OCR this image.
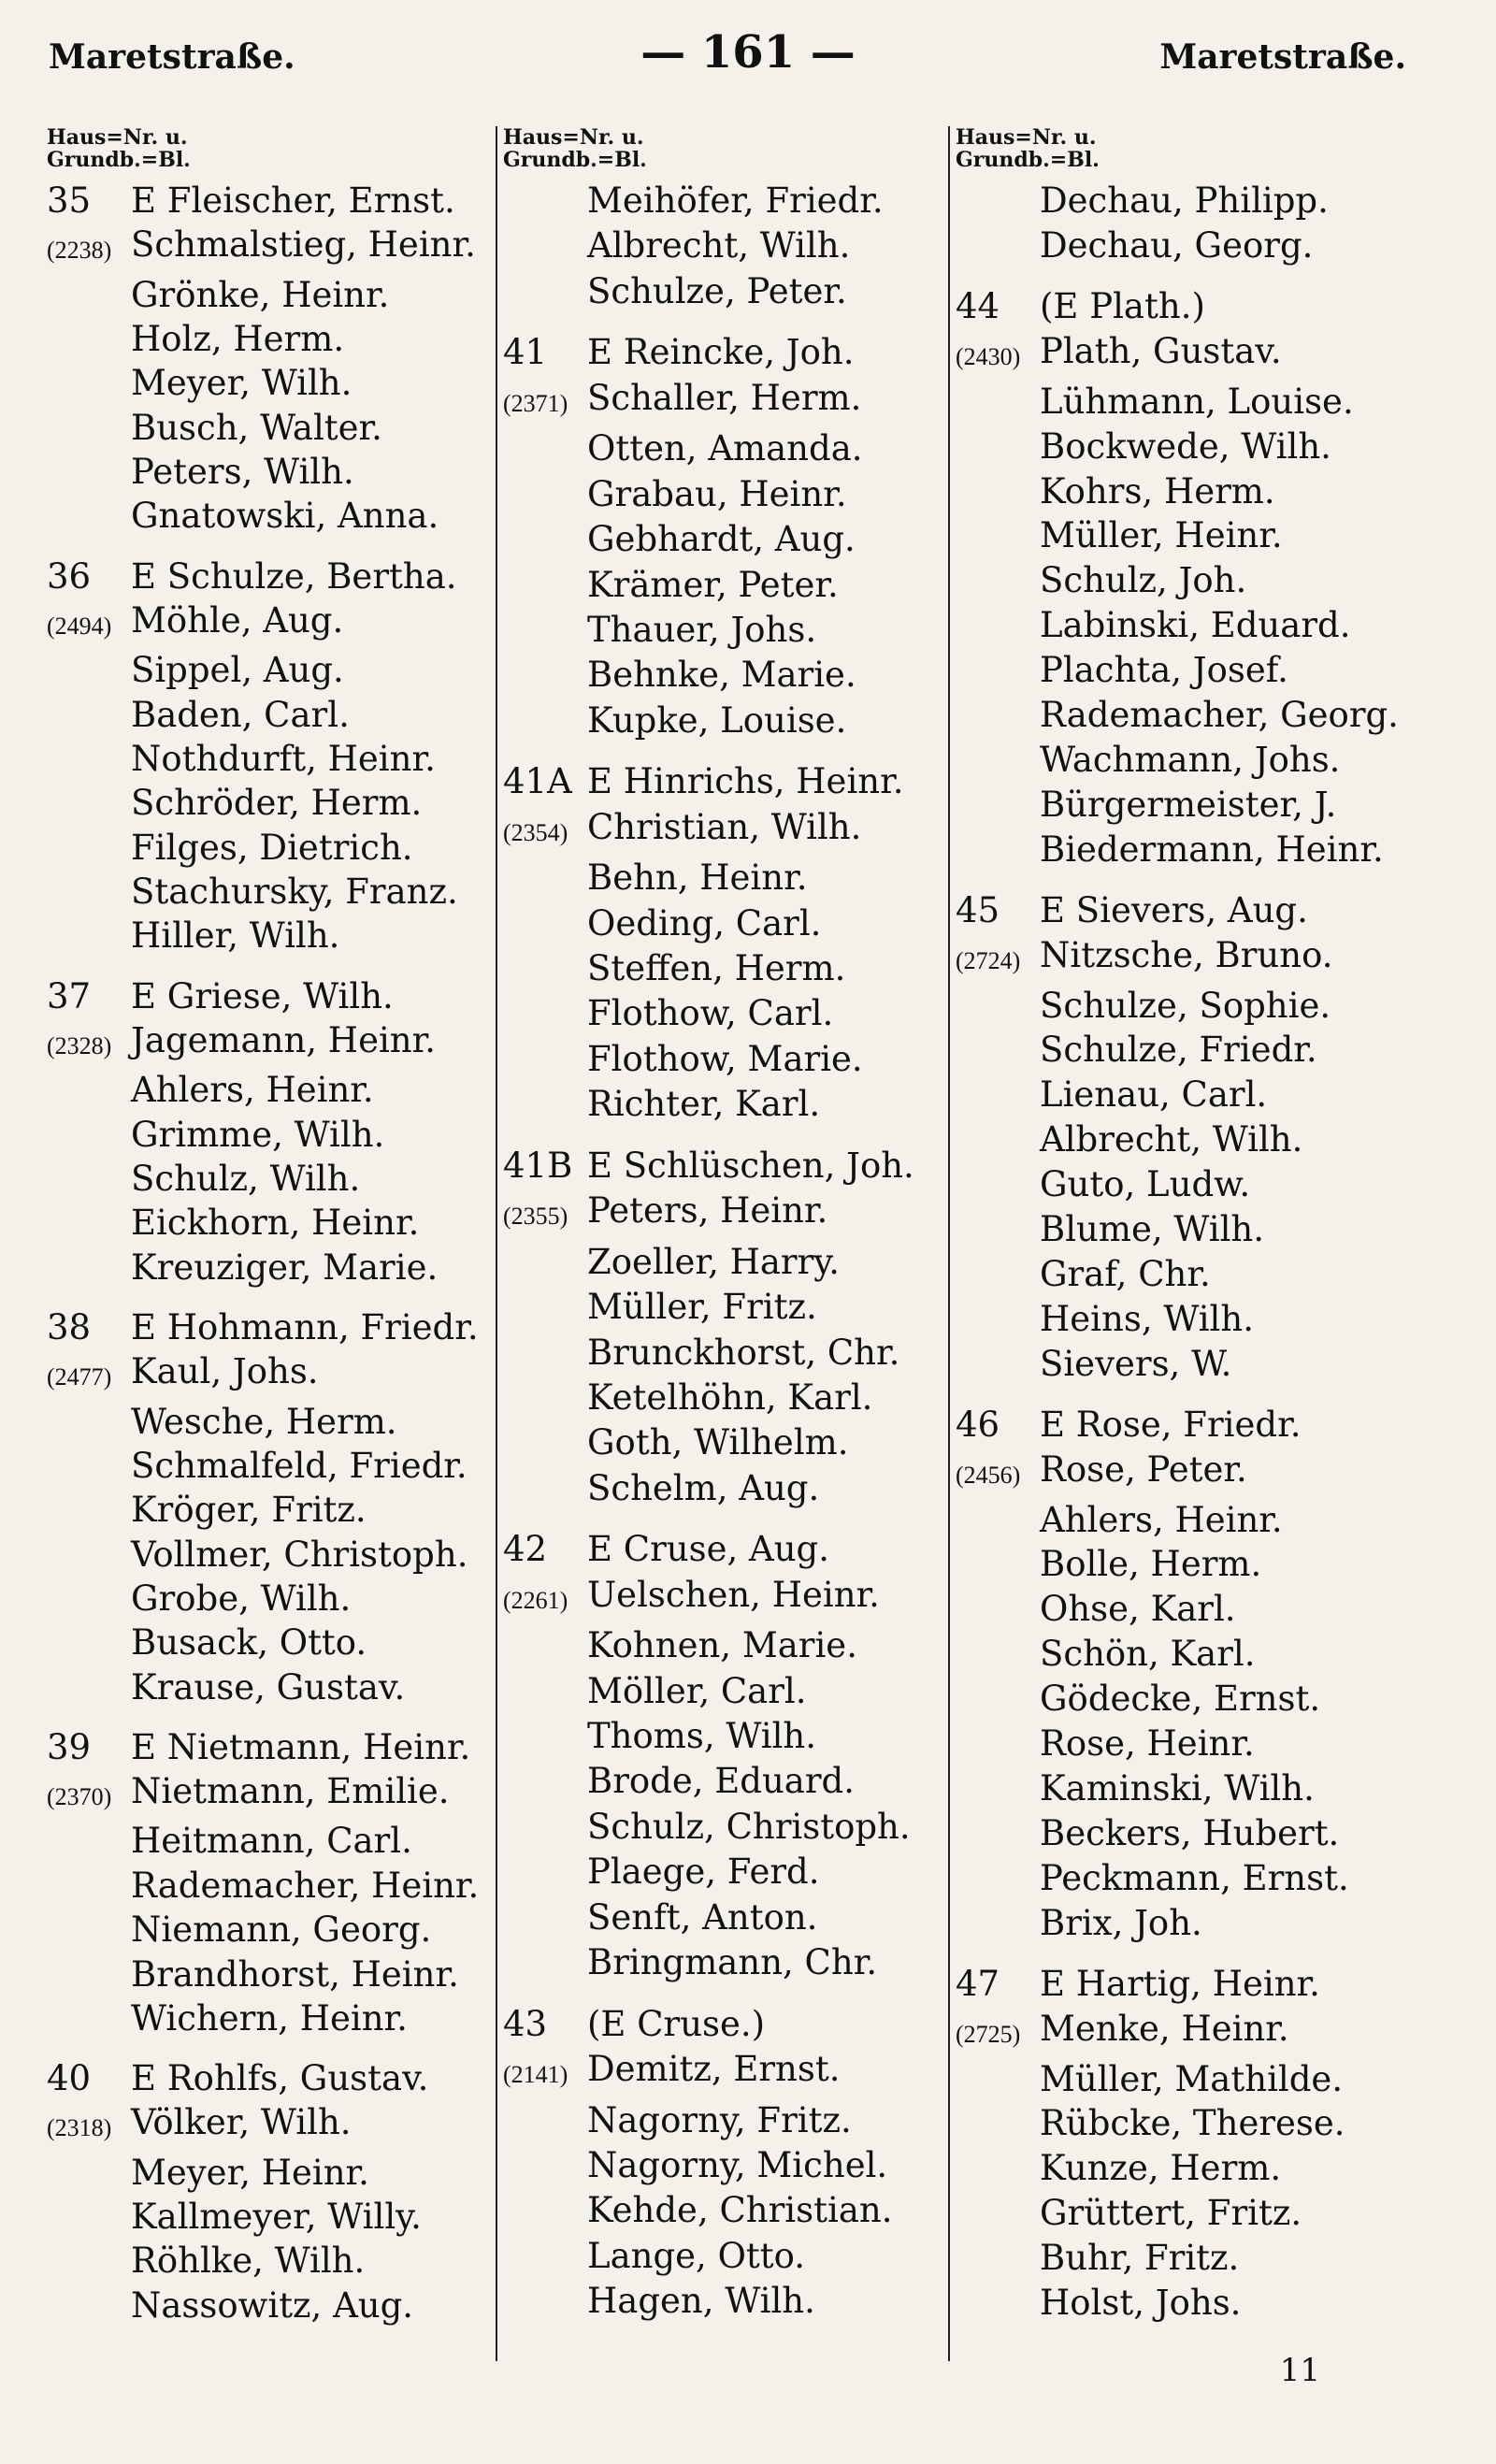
Maretstraße.	— 161 —	Maretstraße.
Haus=Nr. u.
Grundb.=Bl.
35	E Fleischer, Ernst.
(2238) Schmalstieg, Heinr.
Grönke, Heinr.
Holz, Herm.
Meyer, Wilh.
Busch, Walter.
Peters, Wilh.
Gnatowski, Anna.
36	E Schulze, Bertha.
(2494) Möhle, Aug.
Sippel, Aug.
Baden, Carl.
Nothdurft, Heinr.
Schröder, Herm.
Filges, Dietrich.
Stachursky, Franz.
Hiller, Wilh.
37	E Griese, Wilh.
(2328) Jagemann, Heinr.
Ahlers, Heinr.
Grimme, Wilh.
Schulz, Wilh.
Eickhorn, Heinr.
Kreuziger, Marie.
38	E Hohmann, Friedr.
(2477) Kaul, Johs.
Wesche, Herm.
Schmalfeld, Friedr.
Kröger, Fritz.
Vollmer, Christoph.
Grobe, Wilh.
Busack, Otto.
Krause, Gustav.
39	E Nietmann, Heinr.
(2370) Nietmann, Emilie.
Heitmann, Carl.
Rademacher, Heinr.
Niemann, Georg.
Brandhorst, Heinr.
Wichern, Heinr.
40	E Rohlfs, Gustav.
(2318) Völker, Wilh.
Meyer, Heinr.
Kallmeyer, Willy.
Röhlke, Wilh.
Nassowitz, Aug.
Haus=Nr. u.
Grundb.=Bl.
Meihöfer, Friedr.
Albrecht, Wilh.
Schulze, Peter.
41	E Reincke, Joh.
(2371) Schaller, Herm.
Otten, Amanda.
Grabau, Heinr.
Gebhardt, Aug.
Krämer, Peter.
Thauer, Johs.
Behnke, Marie.
Kupke, Louise.
41A E Hinrichs, Heinr.
(2354) Christian, Wilh.
Behn, Heinr.
Oeding, Carl.
Steffen, Herm.
Flothow, Carl.
Flothow, Marie.
Richter, Karl.
41B E Schlüschen, Joh.
(2355) Peters, Heinr.
Zoeller, Harry.
Müller, Fritz.
Brunckhorst, Chr.
Ketelhöhn, Karl.
Goth, Wilhelm.
Schelm, Aug.
42	E Cruse, Aug.
(2261) Uelschen, Heinr.
Kohnen, Marie.
Möller, Carl.
Thoms, Wilh.
Brode, Eduard.
Schulz, Christoph.
Plaege, Ferd.
Senft, Anton.
Bringmann, Chr.
43	(E Cruse.)
(2141) Demitz, Ernst.
Nagorny, Fritz.
Nagorny, Michel.
Kehde, Christian.
Lange, Otto.
Hagen, Wilh.
Haus=Nr. u.
Grundb.=Bl.
Dechau, Philipp.
Dechau, Georg.
44	(E Plath.)
(2430) Plath, Gustav.
Lühmann, Louise.
Bockwede, Wilh.
Kohrs, Herm.
Müller, Heinr.
Schulz, Joh.
Labinski, Eduard.
Plachta, Josef.
Rademacher, Georg.
Wachmann, Johs.
Bürgermeister, J.
Biedermann, Heinr.
45	E Sievers, Aug.
(2724) Nitzsche, Bruno.
Schulze, Sophie.
Schulze, Friedr.
Lienau, Carl.
Albrecht, Wilh.
Guto, Ludw.
Blume, Wilh.
Graf, Chr.
Heins, Wilh.
Sievers, W.
46	E Rose, Friedr.
(2456) Rose, Peter.
Ahlers, Heinr.
Bolle, Herm.
Ohse, Karl.
Schön, Karl.
Gödecke, Ernst.
Rose, Heinr.
Kaminski, Wilh.
Beckers, Hubert.
Peckmann, Ernst.
Brix, Joh.
47	E Hartig, Heinr.
(2725) Menke, Heinr.
Müller, Mathilde.
Rübcke, Therese.
Kunze, Herm.
Grüttert, Fritz.
Buhr, Fritz.
Holst, Johs.
11
